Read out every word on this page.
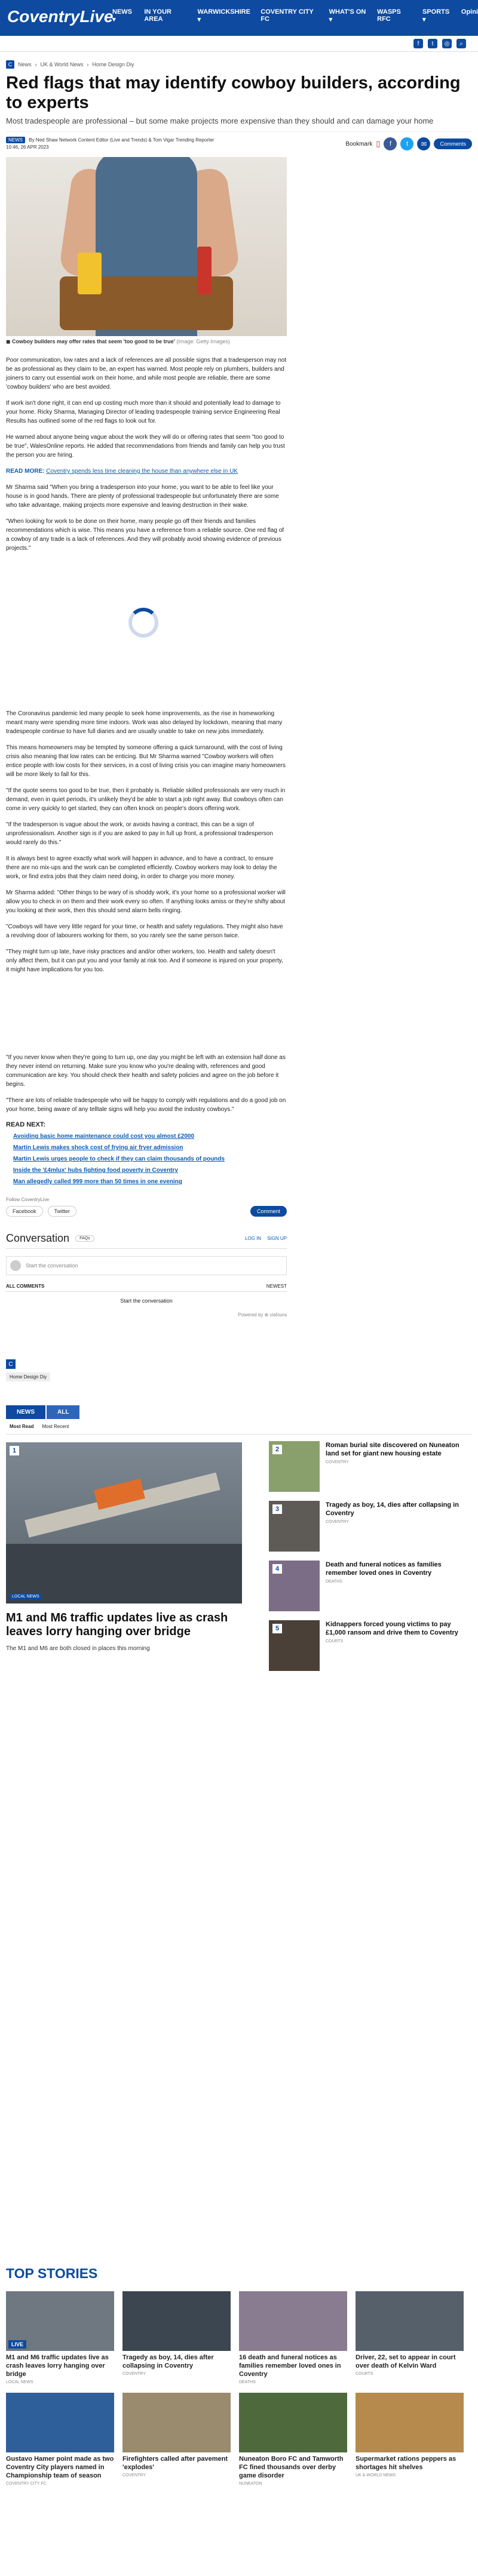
CoventryLive
NEWS ▾
IN YOUR AREA
WARWICKSHIRE ▾
COVENTRY CITY FC
WHAT'S ON ▾
WASPS RFC
SPORTS ▾
Opini
f	t	◎	⌕
C	News › UK & World News › Home Design Diy
Red flags that may identify cowboy builders, according to experts
Most tradespeople are professional – but some make projects more expensive than they should and can damage your home
NEWS By Ned Shaw Network Content Editor (Live and Trends) & Tom Vigar Trending Reporter
10:46, 26 APR 2023	Bookmark ▯	f	t	✉	Comments
◼ Cowboy builders may offer rates that seem 'too good to be true' (Image: Getty Images)

Poor communication, low rates and a lack of references are all possible signs that a tradesperson may not be as professional as they claim to be, an expert has warned. Most people rely on plumbers, builders and joiners to carry out essential work on their home, and while most people are reliable, there are some 'cowboy builders' who are best avoided.

If work isn't done right, it can end up costing much more than it should and potentially lead to damage to your home. Ricky Sharma, Managing Director of leading tradespeople training service Engineering Real Results has outlined some of the red flags to look out for.

He warned about anyone being vague about the work they will do or offering rates that seem "too good to be true", WalesOnline reports. He added that recommendations from friends and family can help you trust the person you are hiring.

READ MORE: Coventry spends less time cleaning the house than anywhere else in UK

Mr Sharma said "When you bring a tradesperson into your home, you want to be able to feel like your house is in good hands. There are plenty of professional tradespeople but unfortunately there are some who take advantage, making projects more expensive and leaving destruction in their wake.

"When looking for work to be done on their home, many people go off their friends and families recommendations which is wise. This means you have a reference from a reliable source. One red flag of a cowboy of any trade is a lack of references. And they will probably avoid showing evidence of previous projects."

The Coronavirus pandemic led many people to seek home improvements, as the rise in homeworking meant many were spending more time indoors. Work was also delayed by lockdown, meaning that many tradespeople continue to have full diaries and are usually unable to take on new jobs immediately.

This means homeowners may be tempted by someone offering a quick turnaround, with the cost of living crisis also meaning that low rates can be enticing. But Mr Sharma warned "Cowboy workers will often entice people with low costs for their services, in a cost of living crisis you can imagine many homeowners will be more likely to fall for this.

"If the quote seems too good to be true, then it probably is. Reliable skilled professionals are very much in demand, even in quiet periods, it's unlikely they'd be able to start a job right away. But cowboys often can come in very quickly to get started, they can often knock on people's doors offering work.

"If the tradesperson is vague about the work, or avoids having a contract, this can be a sign of unprofessionalism. Another sign is if you are asked to pay in full up front, a professional tradesperson would rarely do this."

It is always best to agree exactly what work will happen in advance, and to have a contract, to ensure there are no mix-ups and the work can be completed efficiently. Cowboy workers may look to delay the work, or find extra jobs that they claim need doing, in order to charge you more money.

Mr Sharma added: "Other things to be wary of is shoddy work, it's your home so a professional worker will allow you to check in on them and their work every so often. If anything looks amiss or they're shifty about you looking at their work, then this should send alarm bells ringing.

"Cowboys will have very little regard for your time, or health and safety regulations. They might also have a revolving door of labourers working for them, so you rarely see the same person twice.

"They might turn up late, have risky practices and and/or other workers, too. Health and safety doesn't only affect them, but it can put you and your family at risk too. And if someone is injured on your property, it might have implications for you too.

"If you never know when they're going to turn up, one day you might be left with an extension half done as they never intend on returning. Make sure you know who you're dealing with, references and good communication are key. You should check their health and safety policies and agree on the job before it begins.

"There are lots of reliable tradespeople who will be happy to comply with regulations and do a good job on your home, being aware of any telltale signs will help you avoid the industry cowboys."

READ NEXT:
Avoiding basic home maintenance could cost you almost £2000
Martin Lewis makes shock cost of frying air fryer admission
Martin Lewis urges people to check if they can claim thousands of pounds
Inside the '£4mlux' hubs fighting food poverty in Coventry
Man allegedly called 999 more than 50 times in one evening
Follow CoventryLive
Facebook	Twitter	Comment
Conversation	FAQs	LOG IN SIGN UP
Start the conversation
ALL COMMENTS	NEWEST
Start the conversation
Powered by ⊕ viafoura
C
Home Design Diy
NEWS	ALL
Most Read Most Recent
1
LOCAL NEWS
M1 and M6 traffic updates live as crash leaves lorry hanging over bridge
The M1 and M6 are both closed in places this morning
2
Roman burial site discovered on Nuneaton land set for giant new housing estate
COVENTRY
3
Tragedy as boy, 14, dies after collapsing in Coventry
COVENTRY
4
Death and funeral notices as families remember loved ones in Coventry
DEATHS
5
Kidnappers forced young victims to pay £1,000 ransom and drive them to Coventry
COURTS
TOP STORIES
LIVE
M1 and M6 traffic updates live as crash leaves lorry hanging over bridge
LOCAL NEWS
Tragedy as boy, 14, dies after collapsing in Coventry
COVENTRY
16 death and funeral notices as families remember loved ones in Coventry
DEATHS
Driver, 22, set to appear in court over death of Kelvin Ward
COURTS
Gustavo Hamer point made as two Coventry City players named in Championship team of season
COVENTRY CITY FC
Firefighters called after pavement 'explodes'
COVENTRY
Nuneaton Boro FC and Tamworth FC fined thousands over derby game disorder
NUNEATON
Supermarket rations peppers as shortages hit shelves
UK & WORLD NEWS
